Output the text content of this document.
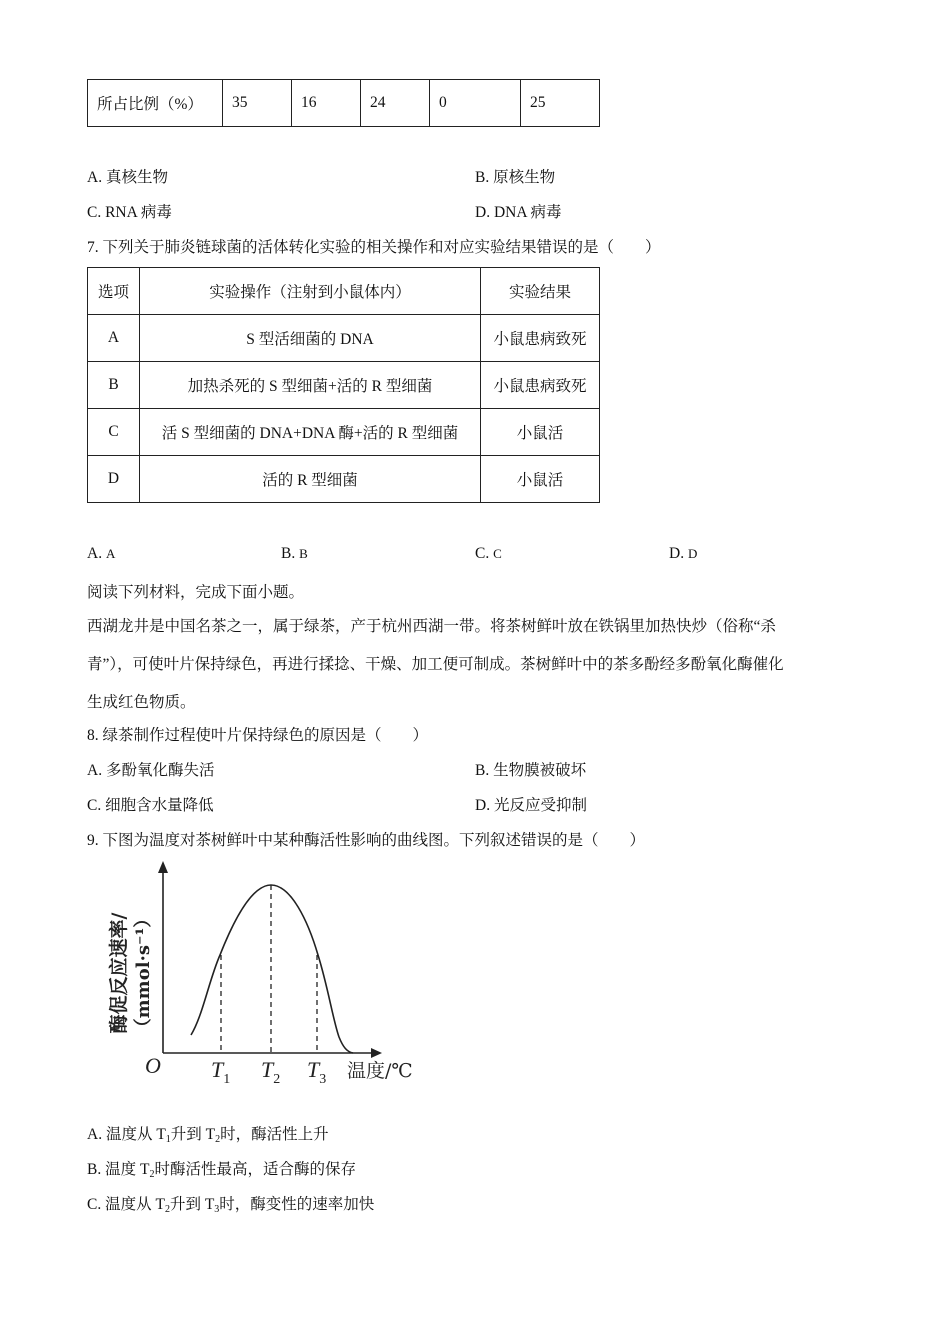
所占比例（%）	35	16	24	0	25
A. 真核生物	B. 原核生物
C. RNA 病毒	D. DNA 病毒
7. 下列关于肺炎链球菌的活体转化实验的相关操作和对应实验结果错误的是（　　）
选项	实验操作（注射到小鼠体内）	实验结果
A	S 型活细菌的 DNA	小鼠患病致死
B	加热杀死的 S 型细菌+活的 R 型细菌	小鼠患病致死
C	活 S 型细菌的 DNA+DNA 酶+活的 R 型细菌	小鼠活
D	活的 R 型细菌	小鼠活
A. A	B. B	C. C	D. D
阅读下列材料，完成下面小题。
西湖龙井是中国名茶之一，属于绿茶，产于杭州西湖一带。将茶树鲜叶放在铁锅里加热快炒（俗称“杀
青”），可使叶片保持绿色，再进行揉捻、干燥、加工便可制成。茶树鲜叶中的茶多酚经多酚氧化酶催化
生成红色物质。
8. 绿茶制作过程使叶片保持绿色的原因是（　　）
A. 多酚氧化酶失活	B. 生物膜被破坏
C. 细胞含水量降低	D. 光反应受抑制
9. 下图为温度对茶树鲜叶中某种酶活性影响的曲线图。下列叙述错误的是（　　）
酶促反应速率/ （mmol·s⁻¹）
O $T_1$ $T_2$ $T_3$ 温度/℃
A. 温度从 T1升到 T2时，酶活性上升
B. 温度 T2时酶活性最高，适合酶的保存
C. 温度从 T2升到 T3时，酶变性的速率加快
